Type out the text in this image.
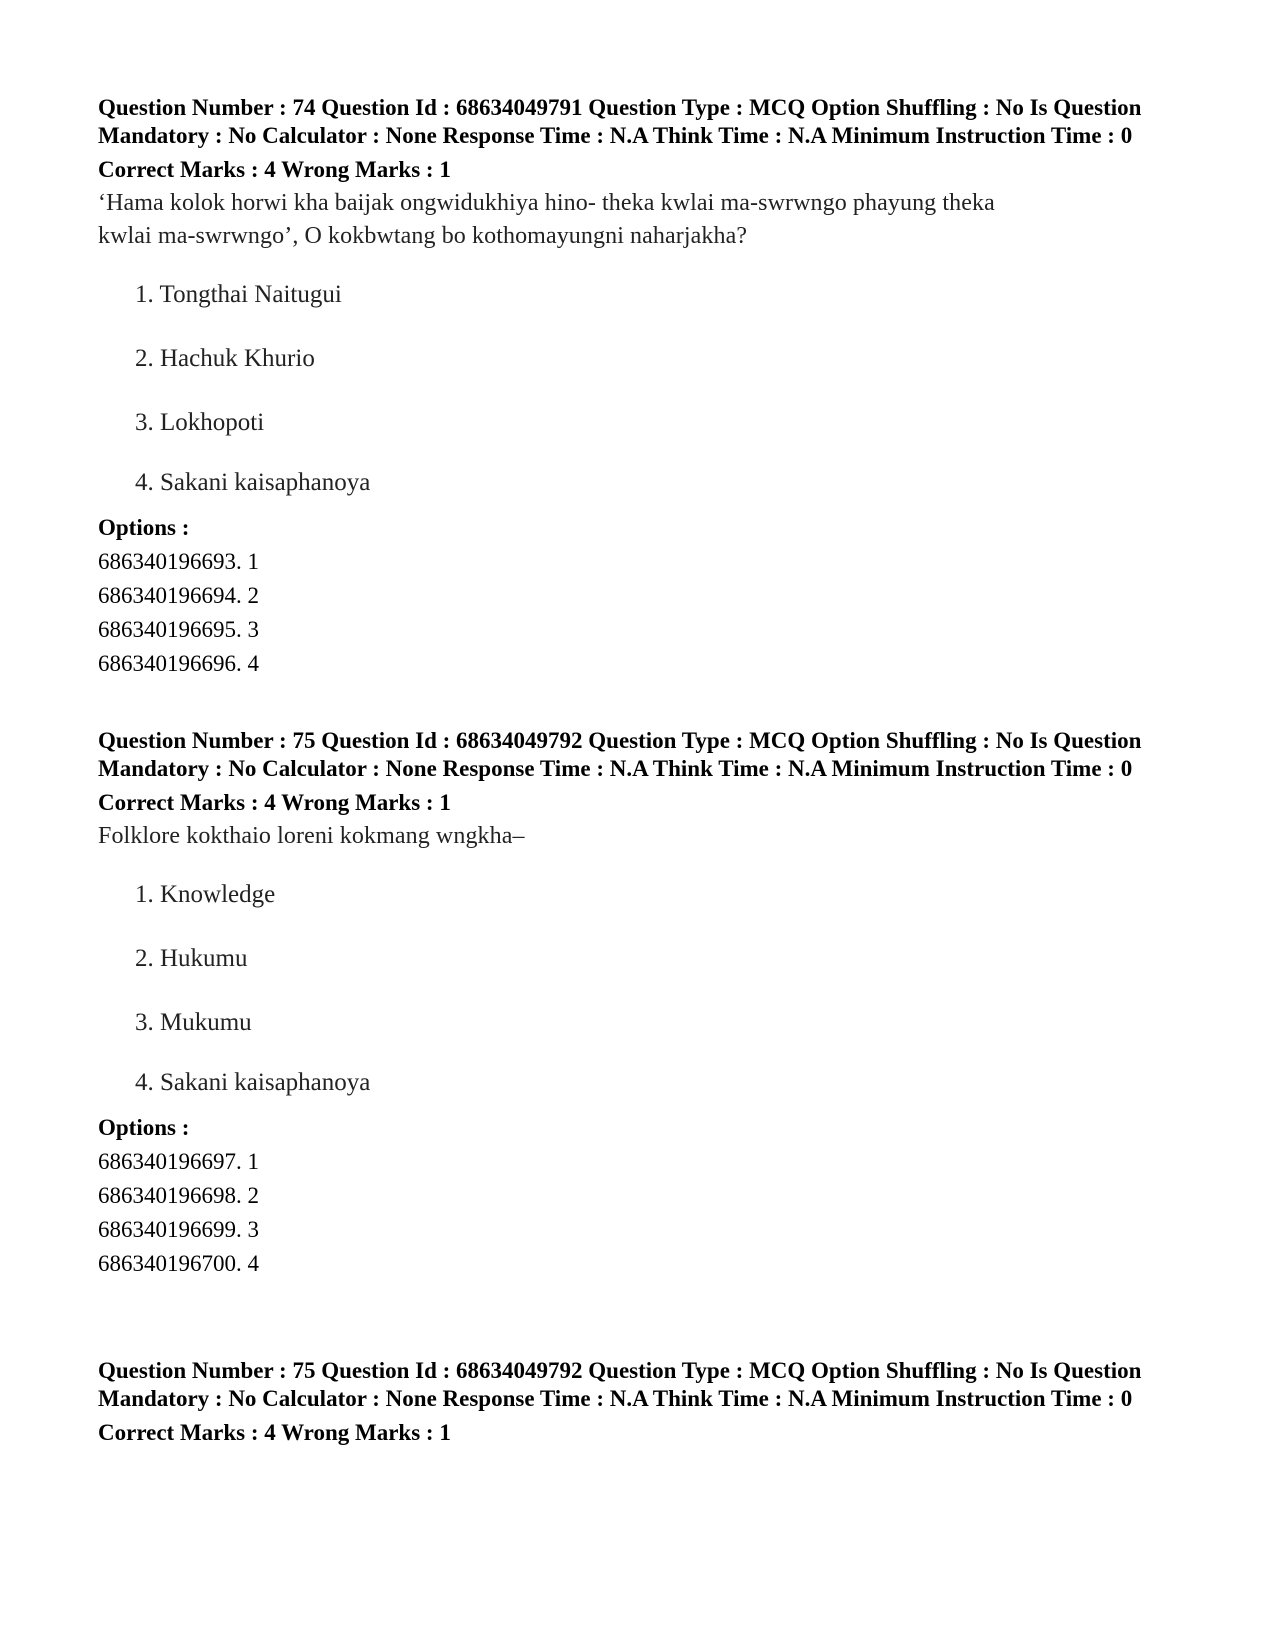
Question Number : 74 Question Id : 68634049791 Question Type : MCQ Option Shuffling : No Is Question Mandatory : No Calculator : None Response Time : N.A Think Time : N.A Minimum Instruction Time : 0

Correct Marks : 4 Wrong Marks : 1
‘Hama kolok horwi kha baijak ongwidukhiya hino- theka kwlai ma-swrwngo phayung theka kwlai ma-swrwngo’, O kokbwtang bo kothomayungni naharjakha?
1. Tongthai Naitugui
2. Hachuk Khurio
3. Lokhopoti
4. Sakani kaisaphanoya
Options :
686340196693. 1
686340196694. 2
686340196695. 3
686340196696. 4

Question Number : 75 Question Id : 68634049792 Question Type : MCQ Option Shuffling : No Is Question Mandatory : No Calculator : None Response Time : N.A Think Time : N.A Minimum Instruction Time : 0

Correct Marks : 4 Wrong Marks : 1
Folklore kokthaio loreni kokmang wngkha–
1. Knowledge
2. Hukumu
3. Mukumu
4. Sakani kaisaphanoya
Options :
686340196697. 1
686340196698. 2
686340196699. 3
686340196700. 4

Question Number : 75 Question Id : 68634049792 Question Type : MCQ Option Shuffling : No Is Question Mandatory : No Calculator : None Response Time : N.A Think Time : N.A Minimum Instruction Time : 0

Correct Marks : 4 Wrong Marks : 1
